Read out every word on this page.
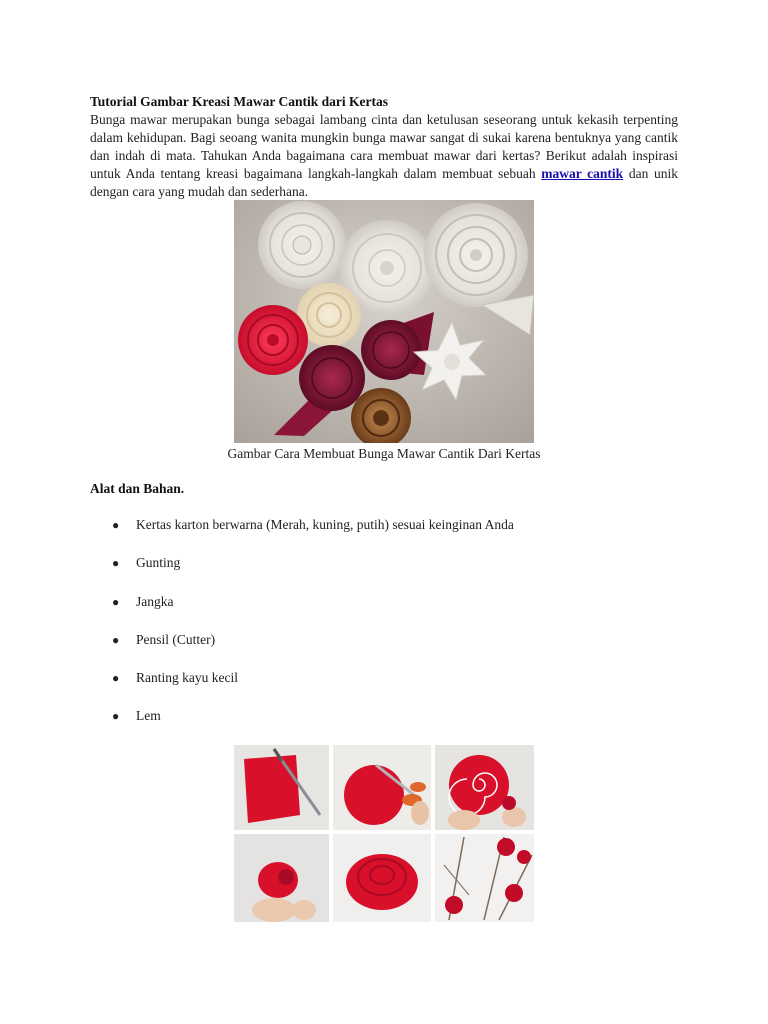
Tutorial Gambar Kreasi Mawar Cantik dari Kertas
Bunga mawar merupakan bunga sebagai lambang cinta dan ketulusan seseorang untuk kekasih terpenting dalam kehidupan. Bagi seoang wanita mungkin bunga mawar sangat di sukai karena bentuknya yang cantik dan indah di mata. Tahukan Anda bagaimana cara membuat mawar dari kertas? Berikut adalah inspirasi untuk Anda tentang kreasi bagaimana langkah-langkah dalam membuat sebuah mawar cantik dan unik dengan cara yang mudah dan sederhana.
Gambar Cara Membuat Bunga Mawar Cantik Dari Kertas
Alat dan Bahan.
● Kertas karton berwarna (Merah, kuning, putih) sesuai keinginan Anda
● Gunting
● Jangka
● Pensil (Cutter)
● Ranting kayu kecil
● Lem
